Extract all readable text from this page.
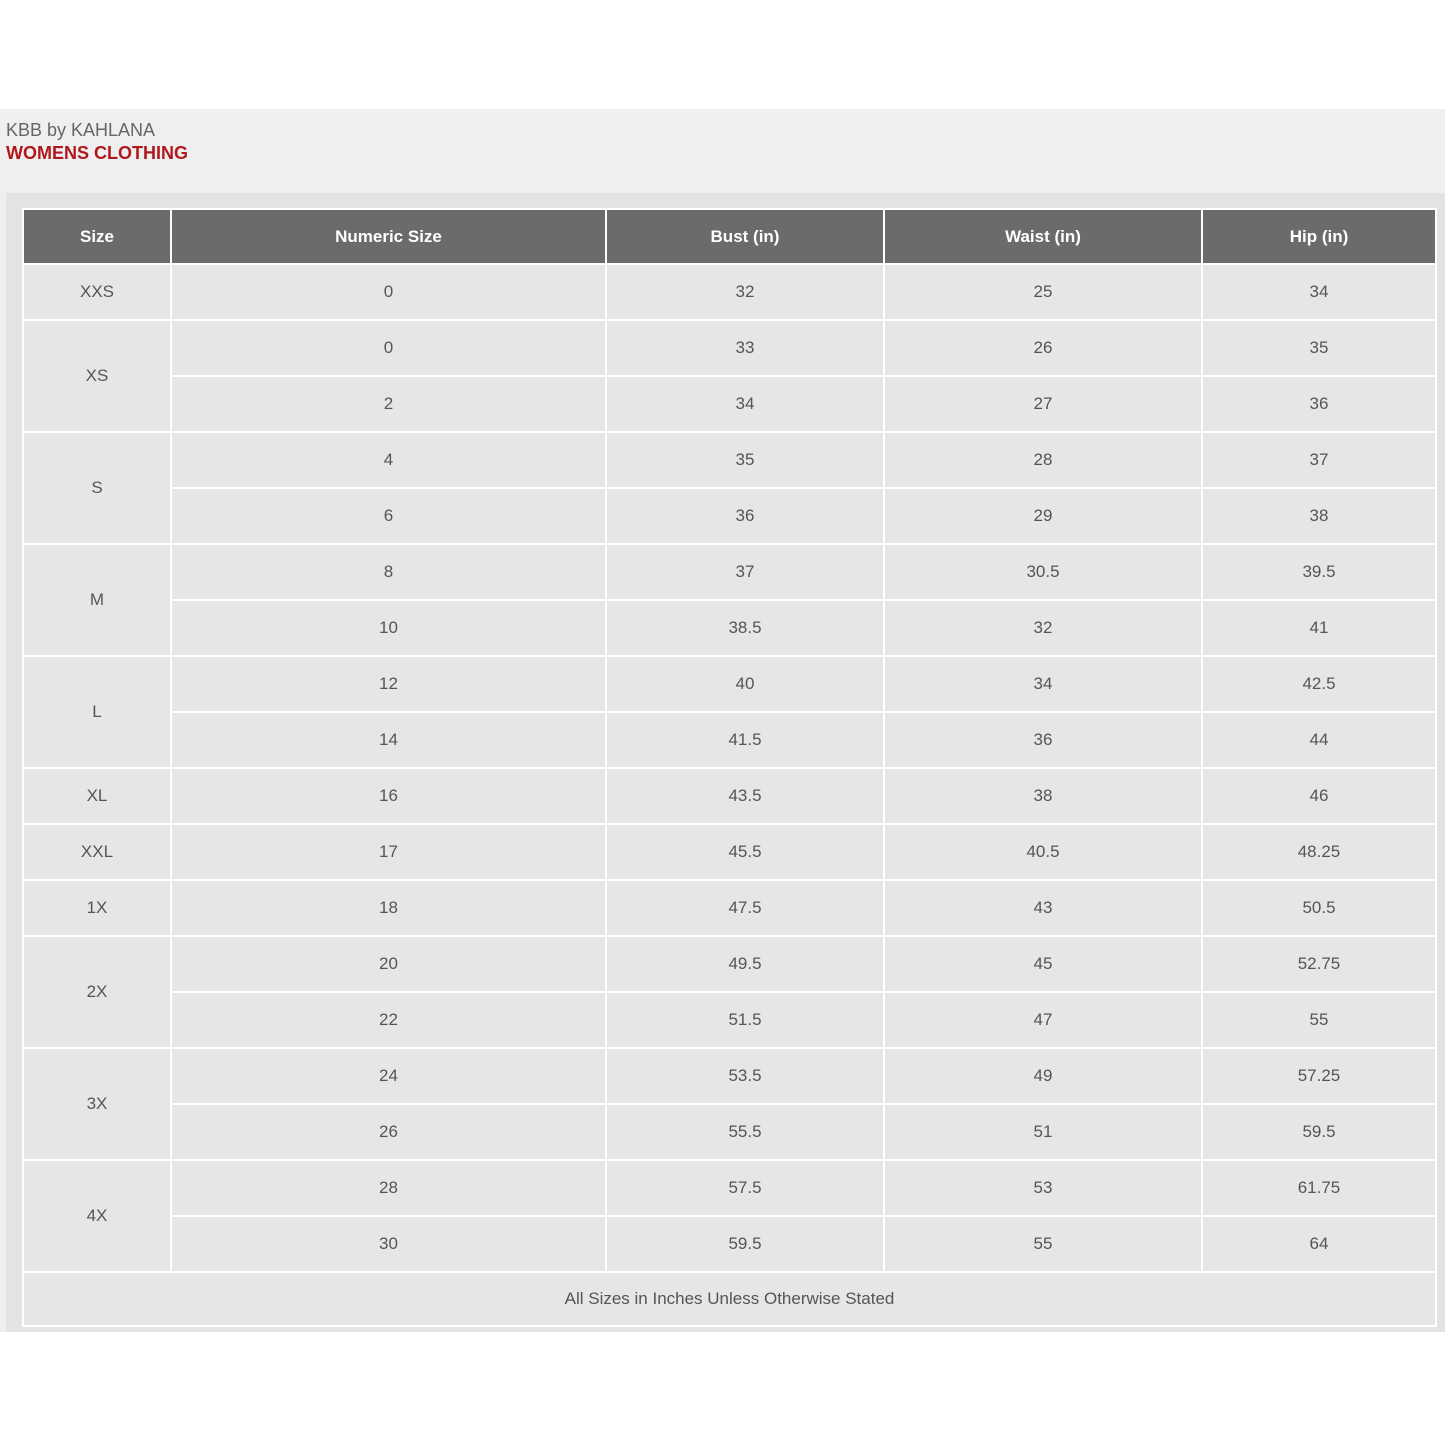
KBB by KAHLANA
WOMENS CLOTHING
Size	Numeric Size	Bust (in)	Waist (in)	Hip (in)
XXS	0	32	25	34
XS	0	33	26	35
	2	34	27	36
S	4	35	28	37
	6	36	29	38
M	8	37	30.5	39.5
	10	38.5	32	41
L	12	40	34	42.5
	14	41.5	36	44
XL	16	43.5	38	46
XXL	17	45.5	40.5	48.25
1X	18	47.5	43	50.5
2X	20	49.5	45	52.75
	22	51.5	47	55
3X	24	53.5	49	57.25
	26	55.5	51	59.5
4X	28	57.5	53	61.75
	30	59.5	55	64
All Sizes in Inches Unless Otherwise Stated				
